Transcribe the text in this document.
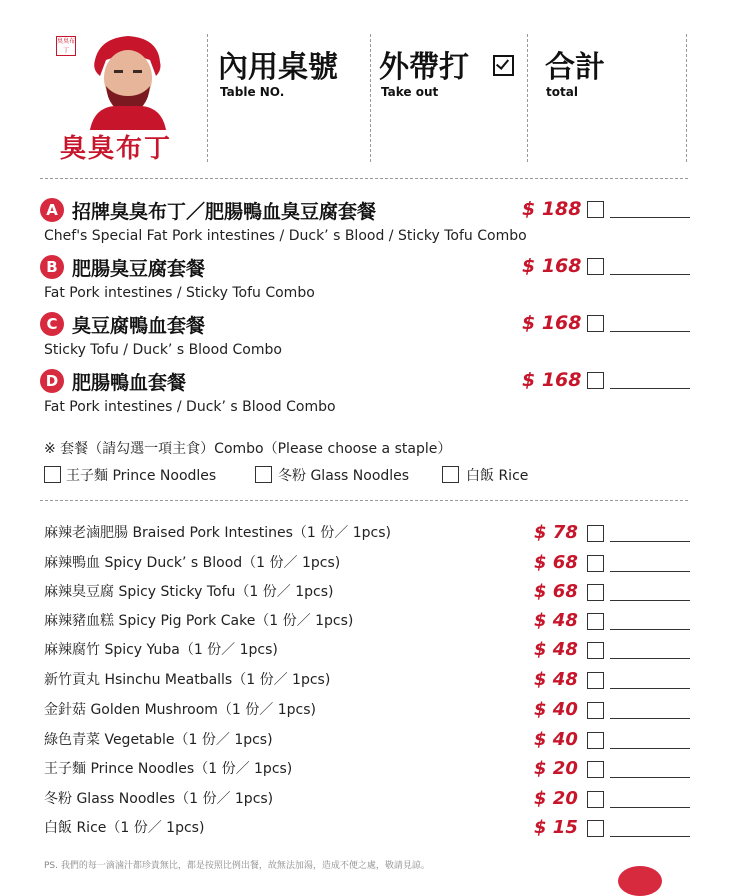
臭臭布丁
臭臭布丁
內用桌號
Table NO.
外帶打
Take out
合計
total
A 招牌臭臭布丁／肥腸鴨血臭豆腐套餐	$ 188
Chef's Special Fat Pork intestines / Duck’ s Blood / Sticky Tofu Combo
B 肥腸臭豆腐套餐	$ 168
Fat Pork intestines / Sticky Tofu Combo
C 臭豆腐鴨血套餐	$ 168
Sticky Tofu / Duck’ s Blood Combo
D 肥腸鴨血套餐	$ 168
Fat Pork intestines / Duck’ s Blood Combo
※ 套餐（請勾選一項主食）Combo（Please choose a staple）
王子麵 Prince Noodles	冬粉 Glass Noodles	白飯 Rice
麻辣老滷肥腸 Braised Pork Intestines（1 份／ 1pcs)	$ 78
麻辣鴨血 Spicy Duck’ s Blood（1 份／ 1pcs)	$ 68
麻辣臭豆腐 Spicy Sticky Tofu（1 份／ 1pcs)	$ 68
麻辣豬血糕 Spicy Pig Pork Cake（1 份／ 1pcs)	$ 48
麻辣腐竹 Spicy Yuba（1 份／ 1pcs)	$ 48
新竹貢丸 Hsinchu Meatballs（1 份／ 1pcs)	$ 48
金針菇 Golden Mushroom（1 份／ 1pcs)	$ 40
綠色青菜 Vegetable（1 份／ 1pcs)	$ 40
王子麵 Prince Noodles（1 份／ 1pcs)	$ 20
冬粉 Glass Noodles（1 份／ 1pcs)	$ 20
白飯 Rice（1 份／ 1pcs)	$ 15
PS. 我們的每一滴滷汁都珍貴無比，都是按照比例出餐，故無法加湯，造成不便之處，敬請見諒。
